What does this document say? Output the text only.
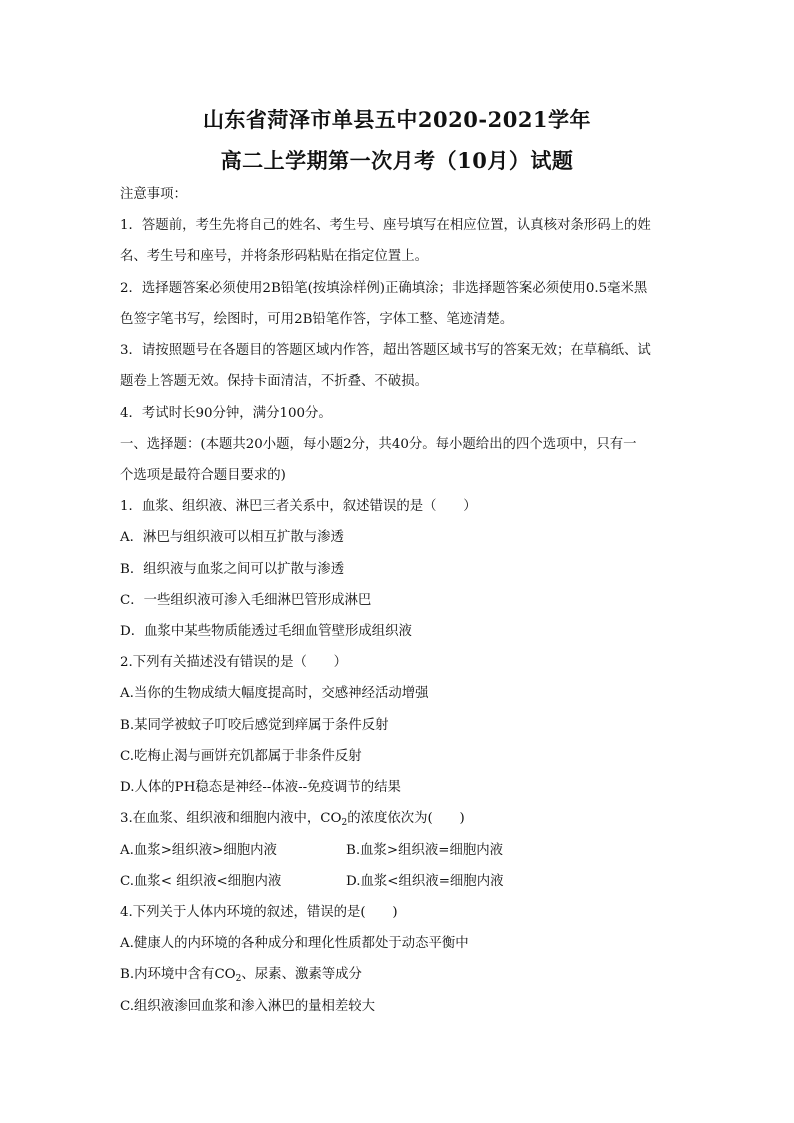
山东省菏泽市单县五中2020-2021学年
高二上学期第一次月考（10月）试题
注意事项：
1．答题前，考生先将自己的姓名、考生号、座号填写在相应位置，认真核对条形码上的姓
名、考生号和座号，并将条形码粘贴在指定位置上。
2．选择题答案必须使用2B铅笔(按填涂样例)正确填涂；非选择题答案必须使用0.5毫米黑
色签字笔书写，绘图时，可用2B铅笔作答，字体工整、笔迹清楚。
3．请按照题号在各题目的答题区域内作答，超出答题区域书写的答案无效；在草稿纸、试
题卷上答题无效。保持卡面清洁，不折叠、不破损。
4．考试时长90分钟，满分100分。
一、选择题：(本题共20小题，每小题2分，共40分。每小题给出的四个选项中，只有一
个选项是最符合题目要求的)
1．血浆、组织液、淋巴三者关系中，叙述错误的是（　　）
A．淋巴与组织液可以相互扩散与渗透
B．组织液与血浆之间可以扩散与渗透
C．一些组织液可渗入毛细淋巴管形成淋巴
D．血浆中某些物质能透过毛细血管壁形成组织液
2.下列有关描述没有错误的是（　　）
A.当你的生物成绩大幅度提高时，交感神经活动增强
B.某同学被蚊子叮咬后感觉到痒属于条件反射
C.吃梅止渴与画饼充饥都属于非条件反射
D.人体的PH稳态是神经--体液--免疫调节的结果
3.在血浆、组织液和细胞内液中，$CO_2$的浓度依次为(　　)
A.血浆>组织液>细胞内液	B.血浆>组织液=细胞内液
C.血浆< 组织液<细胞内液	D.血浆<组织液=细胞内液
4.下列关于人体内环境的叙述，错误的是(　　)
A.健康人的内环境的各种成分和理化性质都处于动态平衡中
B.内环境中含有$CO_2$、尿素、激素等成分
C.组织液渗回血浆和渗入淋巴的量相差较大
